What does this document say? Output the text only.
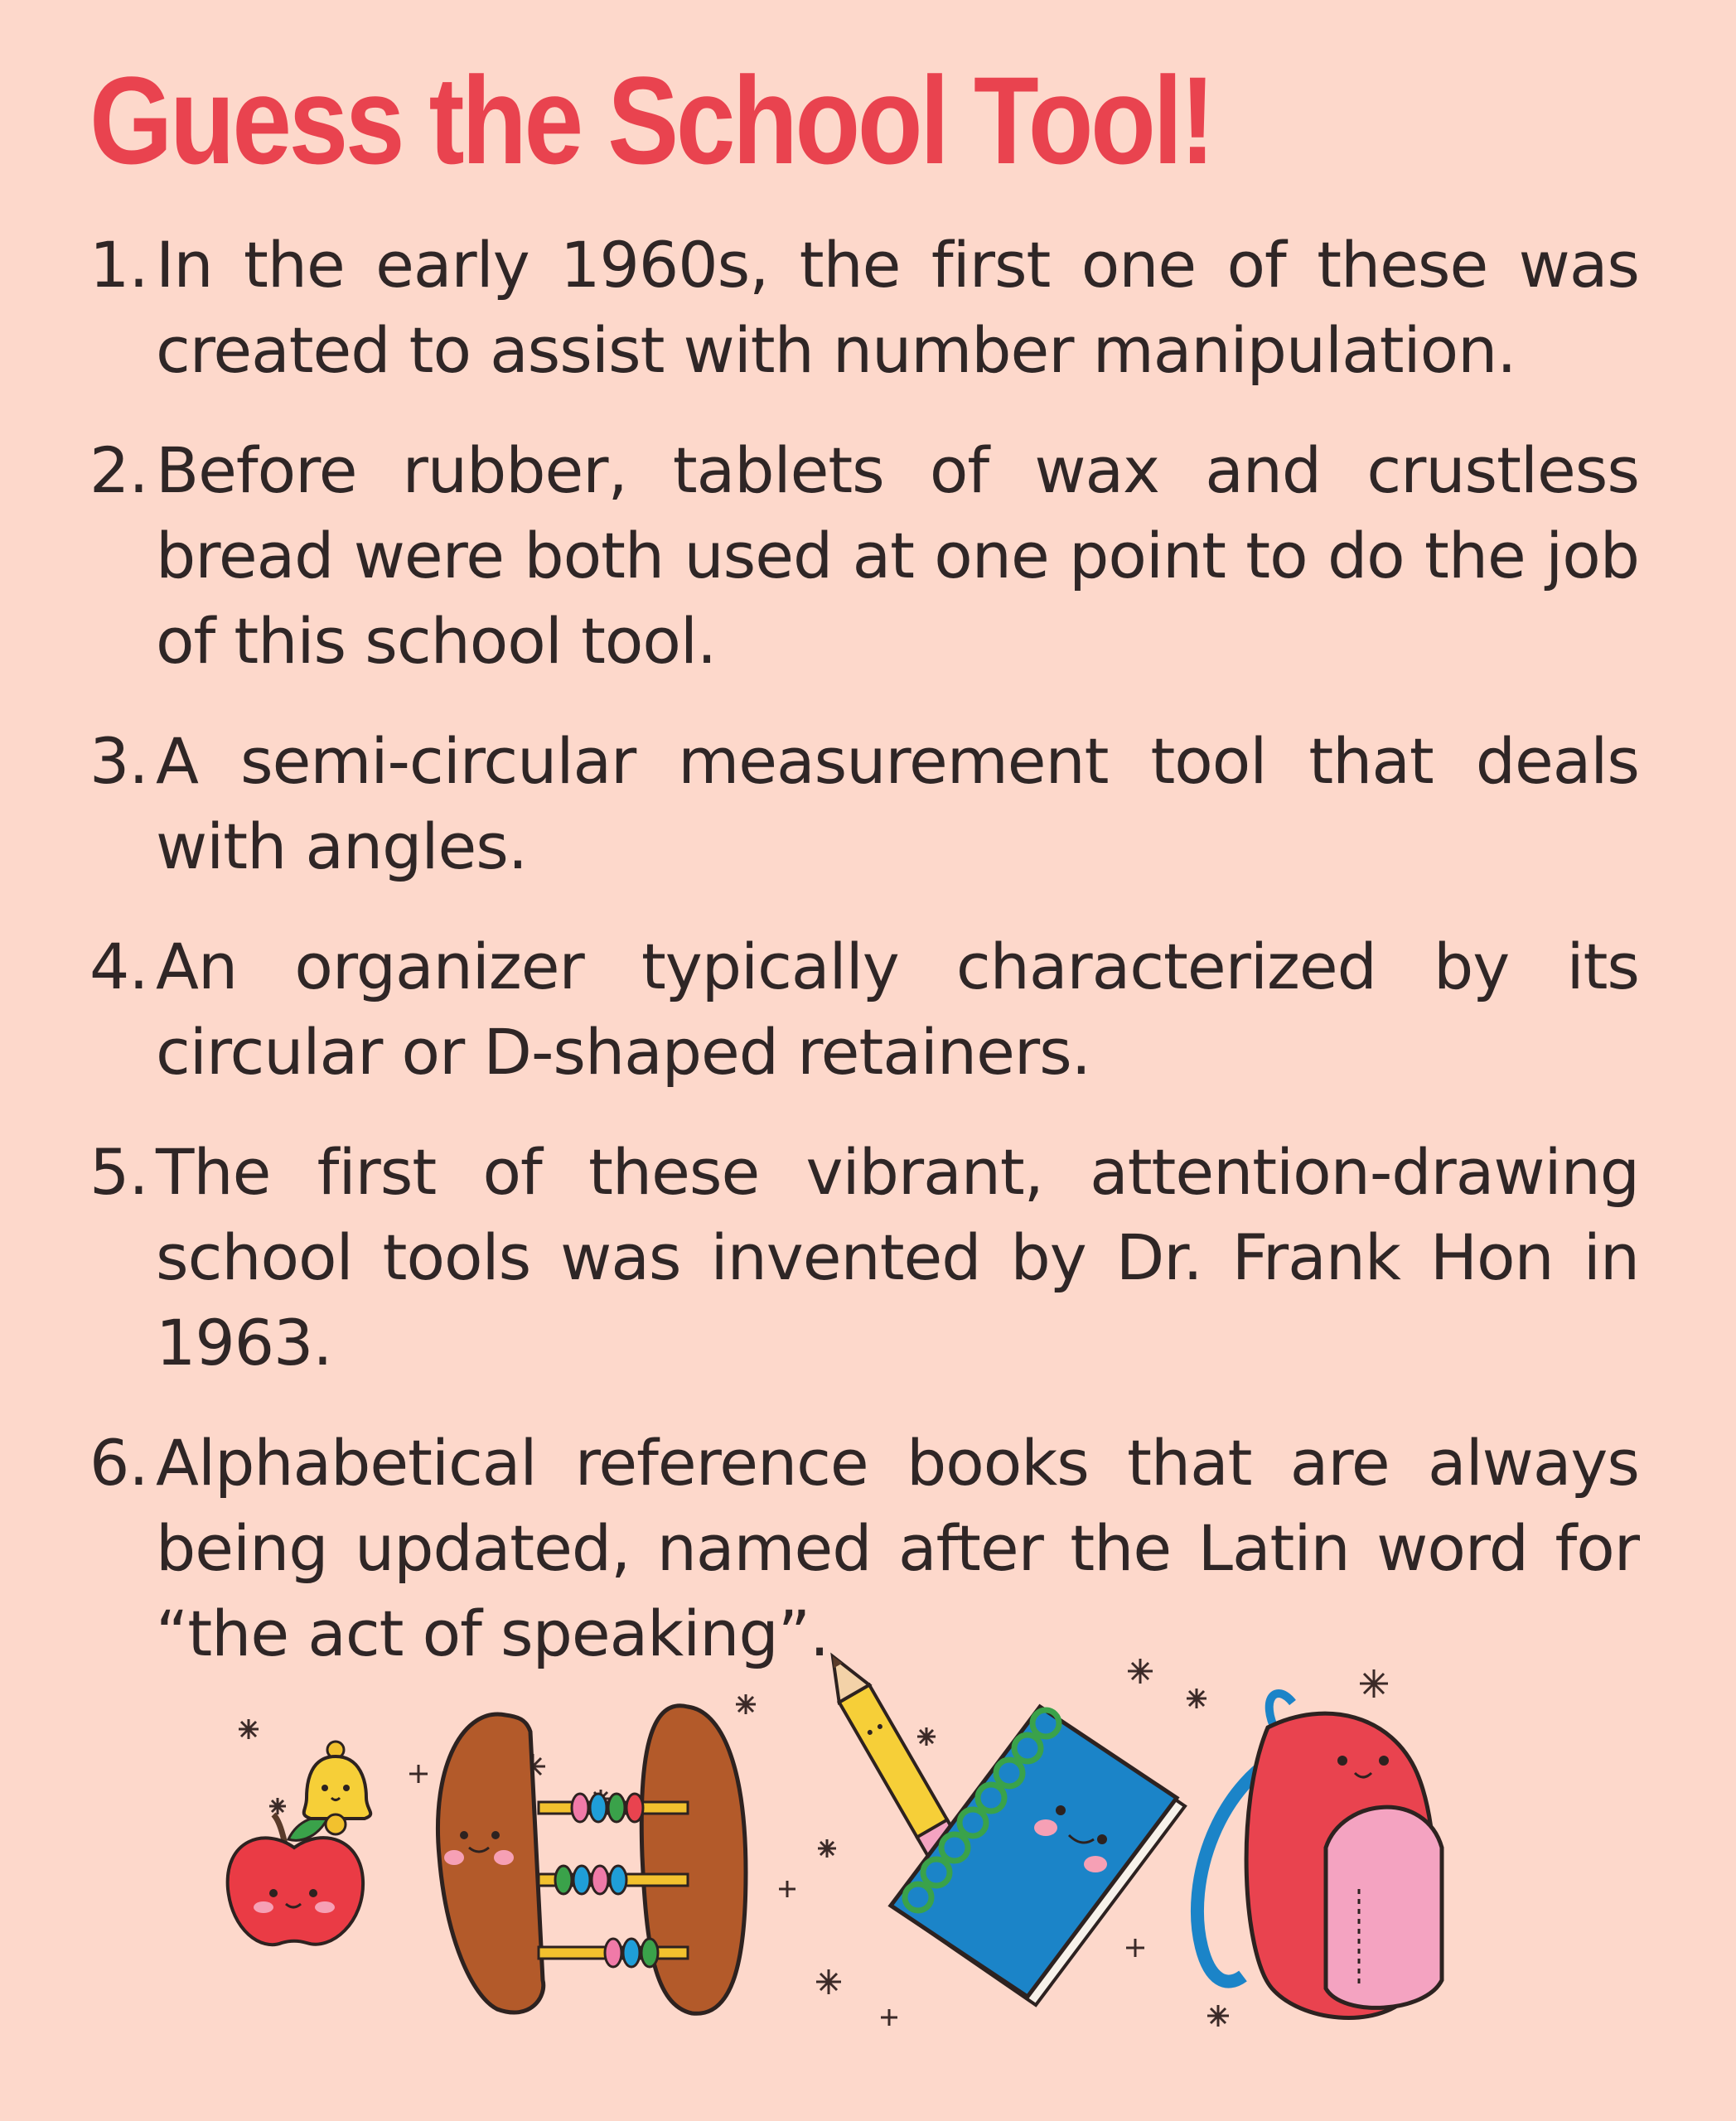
Guess the School Tool!
1. In the early 1960s, the first one of these was created to assist with number manipulation.
2. Before rubber, tablets of wax and crustless bread were both used at one point to do the job of this school tool.
3. A semi-circular measurement tool that deals with angles.
4. An organizer typically characterized by its circular or D-shaped retainers.
5. The first of these vibrant, attention-drawing school tools was invented by Dr. Frank Hon in 1963.
6. Alphabetical reference books that are always being updated, named after the Latin word for “the act of speaking”.
